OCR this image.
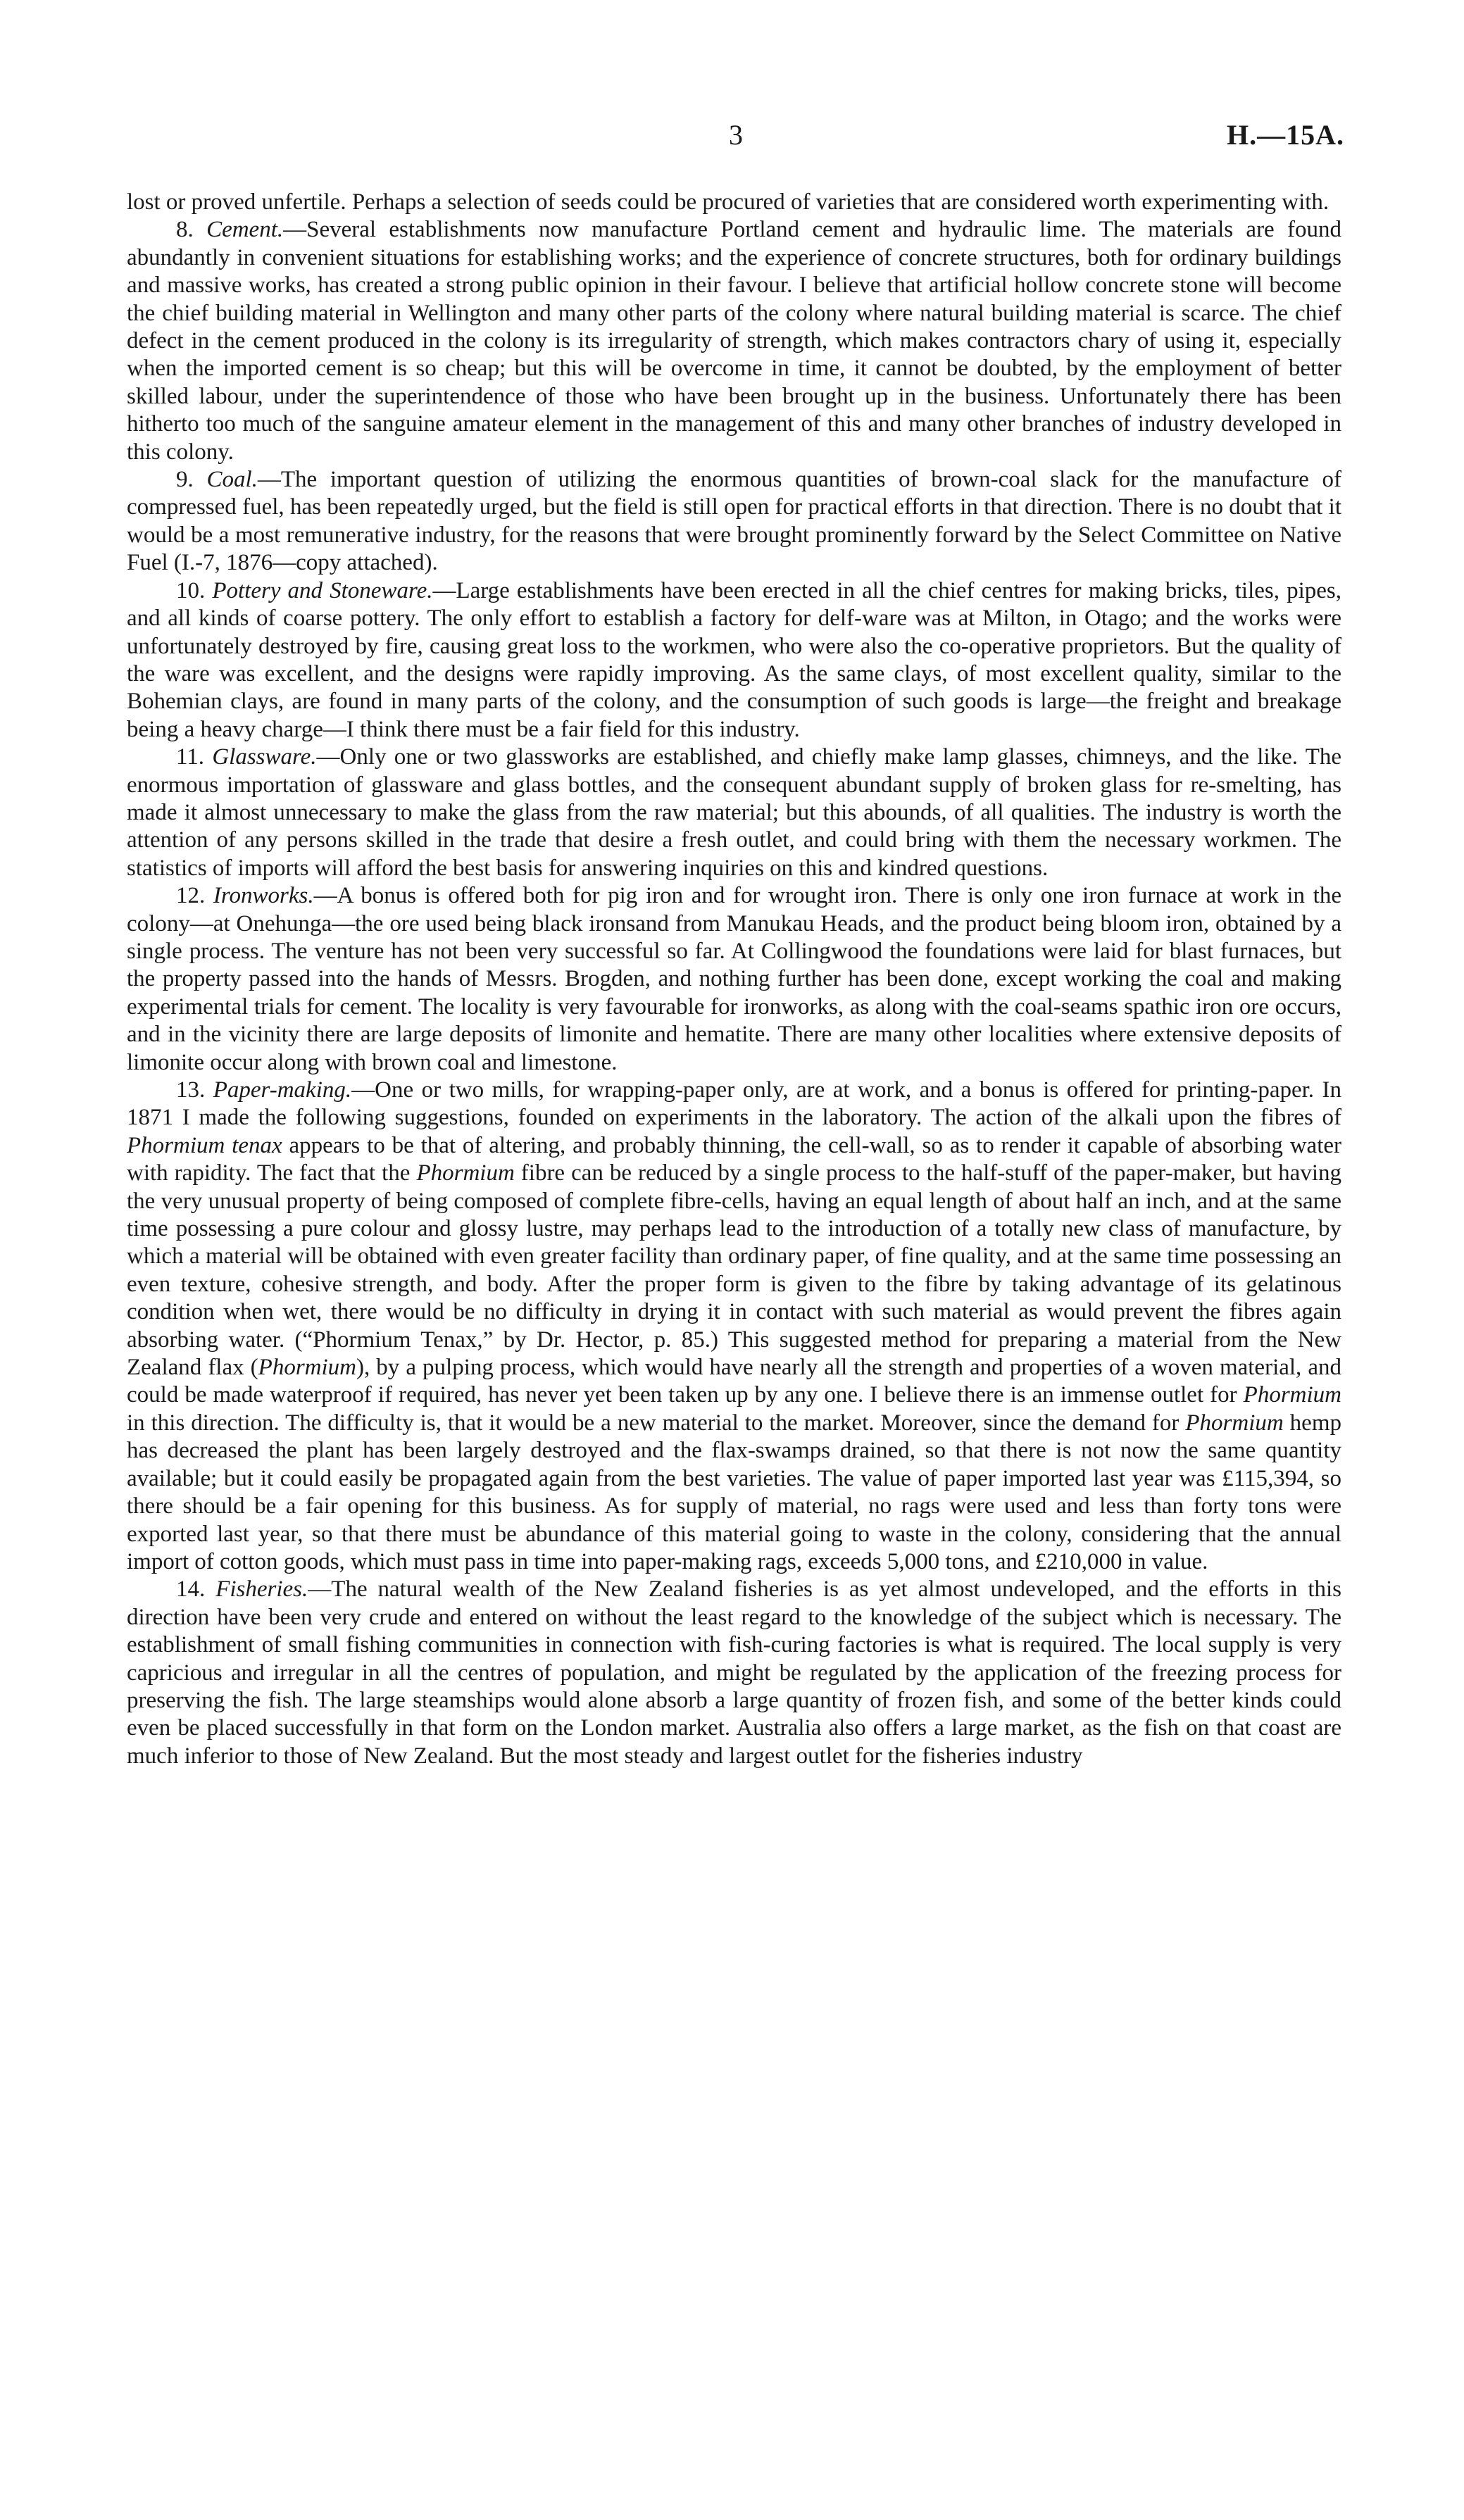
3	H.—15A.

lost or proved unfertile. Perhaps a selection of seeds could be procured of varieties that are considered worth experimenting with.

8. Cement.—Several establishments now manufacture Portland cement and hydraulic lime. The materials are found abundantly in convenient situations for establishing works; and the experience of concrete structures, both for ordinary buildings and massive works, has created a strong public opinion in their favour. I believe that artificial hollow concrete stone will become the chief building material in Wellington and many other parts of the colony where natural building material is scarce. The chief defect in the cement produced in the colony is its irregularity of strength, which makes contractors chary of using it, especially when the imported cement is so cheap; but this will be overcome in time, it cannot be doubted, by the employment of better skilled labour, under the superintendence of those who have been brought up in the business. Unfortunately there has been hitherto too much of the sanguine amateur element in the management of this and many other branches of industry developed in this colony.

9. Coal.—The important question of utilizing the enormous quantities of brown-coal slack for the manufacture of compressed fuel, has been repeatedly urged, but the field is still open for practical efforts in that direction. There is no doubt that it would be a most remunerative industry, for the reasons that were brought prominently forward by the Select Committee on Native Fuel (I.-7, 1876—copy attached).

10. Pottery and Stoneware.—Large establishments have been erected in all the chief centres for making bricks, tiles, pipes, and all kinds of coarse pottery. The only effort to establish a factory for delf-ware was at Milton, in Otago; and the works were unfortunately destroyed by fire, causing great loss to the workmen, who were also the co-operative proprietors. But the quality of the ware was excellent, and the designs were rapidly improving. As the same clays, of most excellent quality, similar to the Bohemian clays, are found in many parts of the colony, and the consumption of such goods is large—the freight and breakage being a heavy charge—I think there must be a fair field for this industry.

11. Glassware.—Only one or two glassworks are established, and chiefly make lamp glasses, chimneys, and the like. The enormous importation of glassware and glass bottles, and the consequent abundant supply of broken glass for re-smelting, has made it almost unnecessary to make the glass from the raw material; but this abounds, of all qualities. The industry is worth the attention of any persons skilled in the trade that desire a fresh outlet, and could bring with them the necessary workmen. The statistics of imports will afford the best basis for answering inquiries on this and kindred questions.

12. Ironworks.—A bonus is offered both for pig iron and for wrought iron. There is only one iron furnace at work in the colony—at Onehunga—the ore used being black ironsand from Manukau Heads, and the product being bloom iron, obtained by a single process. The venture has not been very successful so far. At Collingwood the foundations were laid for blast furnaces, but the property passed into the hands of Messrs. Brogden, and nothing further has been done, except working the coal and making experimental trials for cement. The locality is very favourable for ironworks, as along with the coal-seams spathic iron ore occurs, and in the vicinity there are large deposits of limonite and hematite. There are many other localities where extensive deposits of limonite occur along with brown coal and limestone.

13. Paper-making.—One or two mills, for wrapping-paper only, are at work, and a bonus is offered for printing-paper. In 1871 I made the following suggestions, founded on experiments in the laboratory. The action of the alkali upon the fibres of Phormium tenax appears to be that of altering, and probably thinning, the cell-wall, so as to render it capable of absorbing water with rapidity. The fact that the Phormium fibre can be reduced by a single process to the half-stuff of the paper-maker, but having the very unusual property of being composed of complete fibre-cells, having an equal length of about half an inch, and at the same time possessing a pure colour and glossy lustre, may perhaps lead to the introduction of a totally new class of manufacture, by which a material will be obtained with even greater facility than ordinary paper, of fine quality, and at the same time possessing an even texture, cohesive strength, and body. After the proper form is given to the fibre by taking advantage of its gelatinous condition when wet, there would be no difficulty in drying it in contact with such material as would prevent the fibres again absorbing water. (“Phormium Tenax,” by Dr. Hector, p. 85.) This suggested method for preparing a material from the New Zealand flax (Phormium), by a pulping process, which would have nearly all the strength and properties of a woven material, and could be made waterproof if required, has never yet been taken up by any one. I believe there is an immense outlet for Phormium in this direction. The difficulty is, that it would be a new material to the market. Moreover, since the demand for Phormium hemp has decreased the plant has been largely destroyed and the flax-swamps drained, so that there is not now the same quantity available; but it could easily be propagated again from the best varieties. The value of paper imported last year was £115,394, so there should be a fair opening for this business. As for supply of material, no rags were used and less than forty tons were exported last year, so that there must be abundance of this material going to waste in the colony, considering that the annual import of cotton goods, which must pass in time into paper-making rags, exceeds 5,000 tons, and £210,000 in value.

14. Fisheries.—The natural wealth of the New Zealand fisheries is as yet almost undeveloped, and the efforts in this direction have been very crude and entered on without the least regard to the knowledge of the subject which is necessary. The establishment of small fishing communities in connection with fish-curing factories is what is required. The local supply is very capricious and irregular in all the centres of population, and might be regulated by the application of the freezing process for preserving the fish. The large steamships would alone absorb a large quantity of frozen fish, and some of the better kinds could even be placed successfully in that form on the London market. Australia also offers a large market, as the fish on that coast are much inferior to those of New Zealand. But the most steady and largest outlet for the fisheries industry
